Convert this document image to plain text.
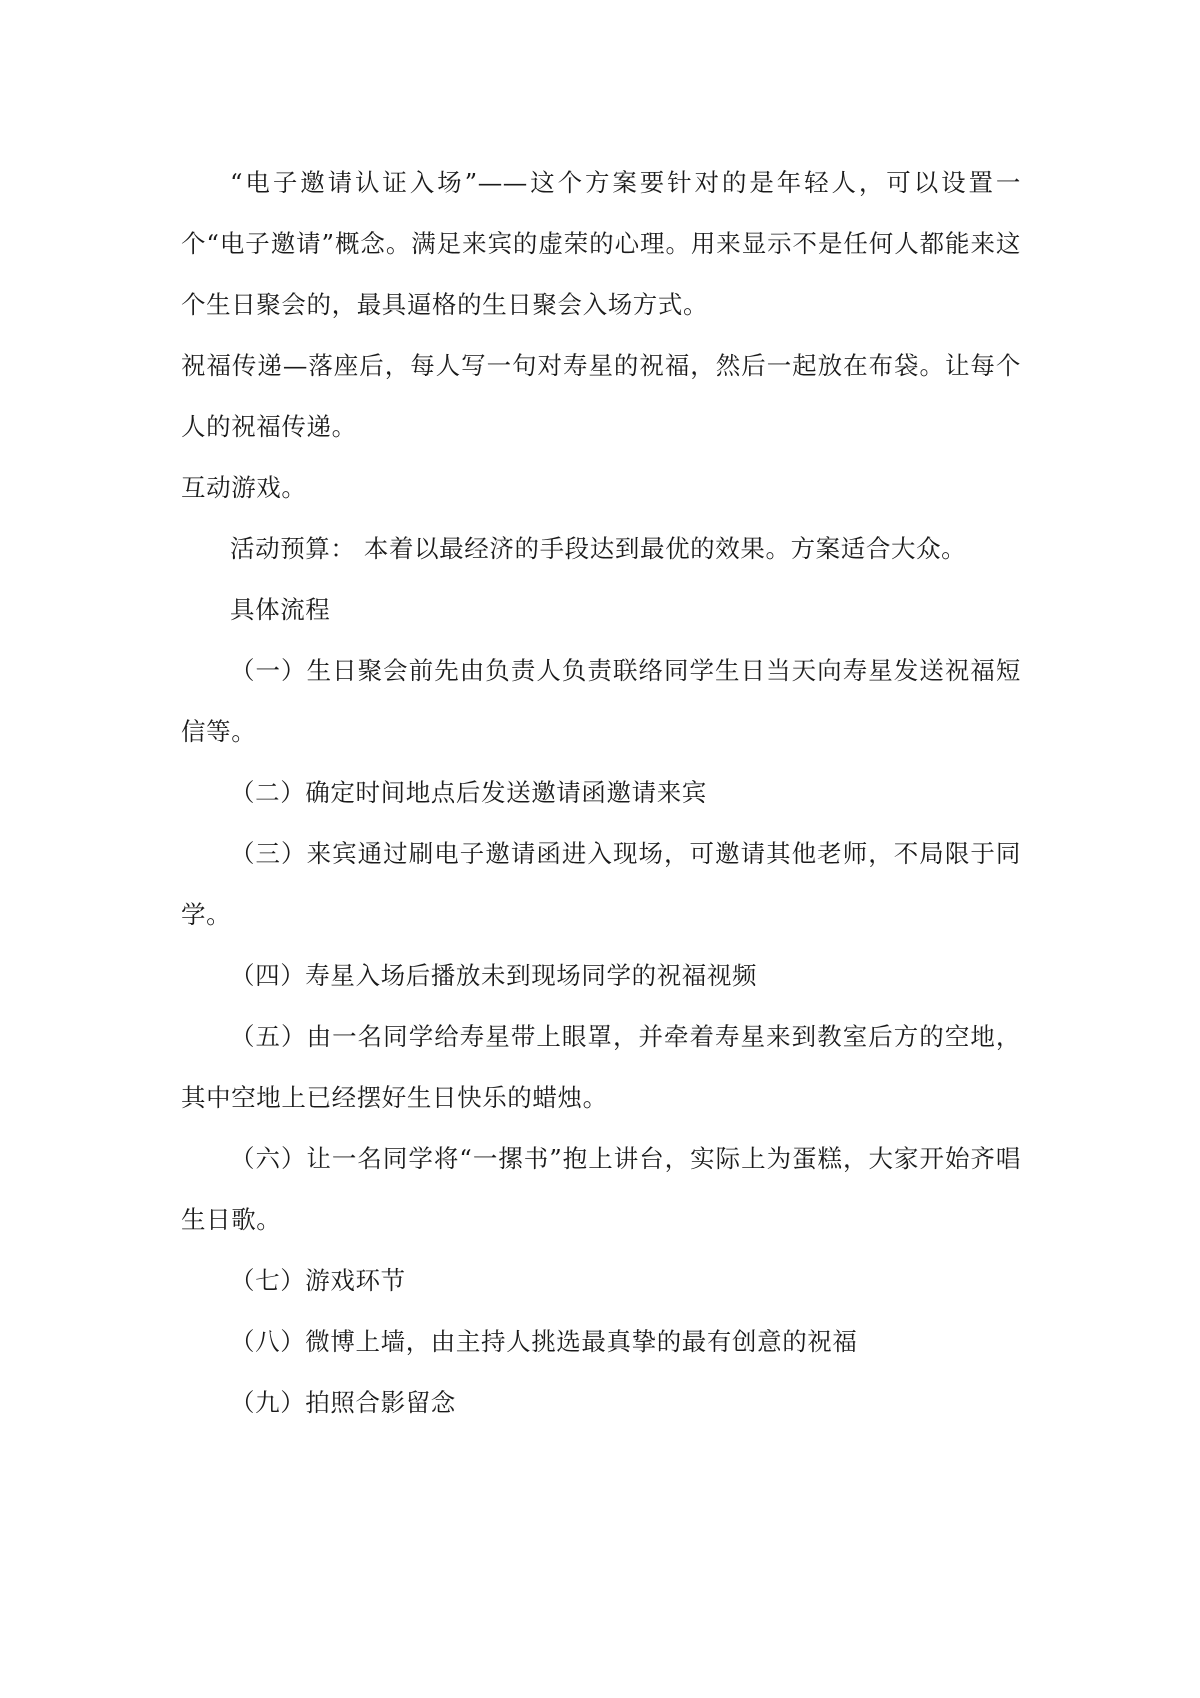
“电子邀请认证入场”——这个方案要针对的是年轻人，可以设置一个“电子邀请”概念。满足来宾的虚荣的心理。用来显示不是任何人都能来这个生日聚会的，最具逼格的生日聚会入场方式。

祝福传递—落座后，每人写一句对寿星的祝福，然后一起放在布袋。让每个人的祝福传递。

互动游戏。

活动预算： 本着以最经济的手段达到最优的效果。方案适合大众。

具体流程

（一）生日聚会前先由负责人负责联络同学生日当天向寿星发送祝福短信等。

（二）确定时间地点后发送邀请函邀请来宾

（三）来宾通过刷电子邀请函进入现场，可邀请其他老师，不局限于同学。

（四）寿星入场后播放未到现场同学的祝福视频

（五）由一名同学给寿星带上眼罩，并牵着寿星来到教室后方的空地，其中空地上已经摆好生日快乐的蜡烛。

（六）让一名同学将“一摞书”抱上讲台，实际上为蛋糕，大家开始齐唱生日歌。

（七）游戏环节

（八）微博上墙，由主持人挑选最真挚的最有创意的祝福

（九）拍照合影留念
